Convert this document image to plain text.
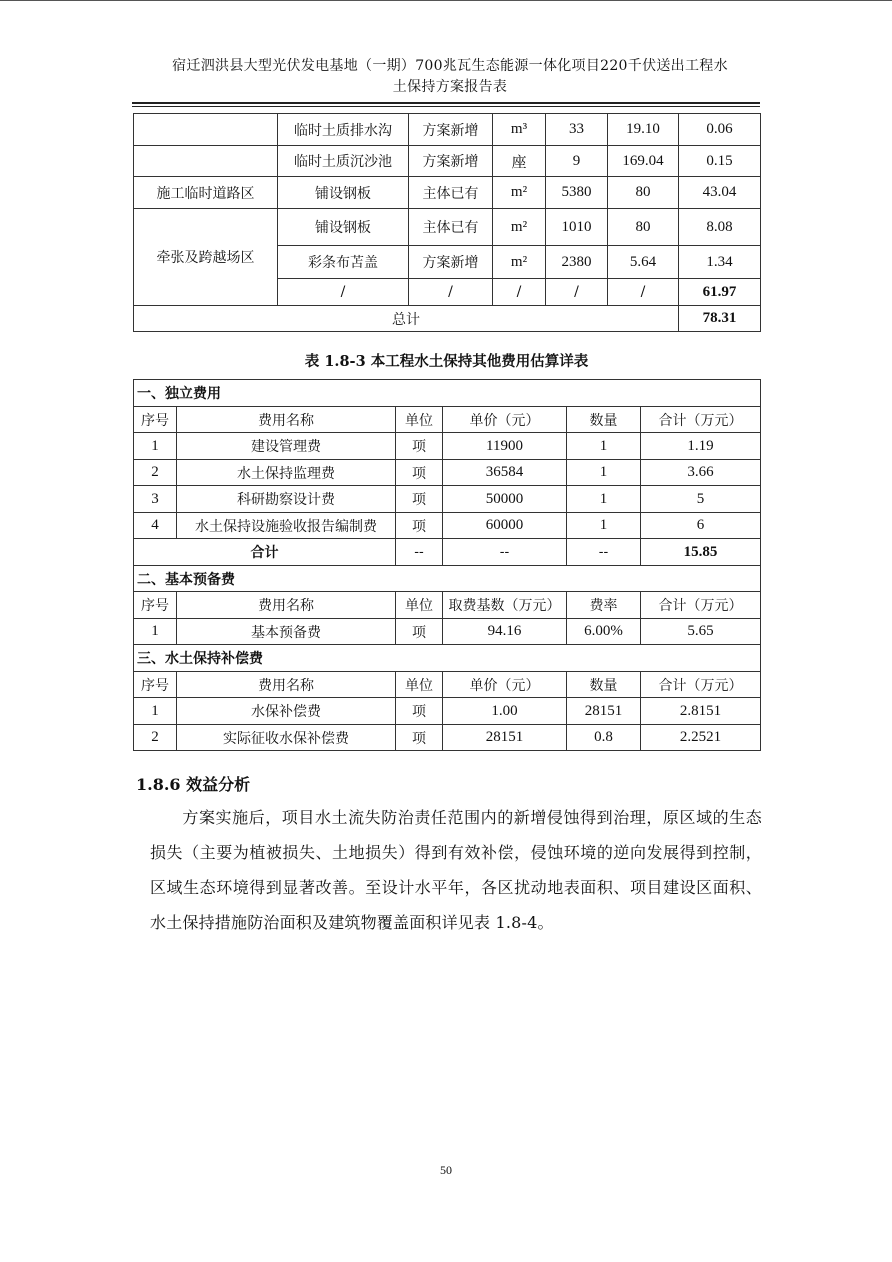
宿迁泗洪县大型光伏发电基地（一期）700兆瓦生态能源一体化项目220千伏送出工程水
土保持方案报告表
	临时土质排水沟	方案新增	m³	33	19.10	0.06
	临时土质沉沙池	方案新增	座	9	169.04	0.15
施工临时道路区	铺设钢板	主体已有	m²	5380	80	43.04
牵张及跨越场区	铺设钢板	主体已有	m²	1010	80	8.08
	彩条布苫盖	方案新增	m²	2380	5.64	1.34
	/	/	/	/	/	61.97
总计						78.31
表 1.8-3 本工程水土保持其他费用估算详表
一、独立费用					
序号	费用名称	单位	单价（元）	数量	合计（万元）
1	建设管理费	项	11900	1	1.19
2	水土保持监理费	项	36584	1	3.66
3	科研勘察设计费	项	50000	1	5
4	水土保持设施验收报告编制费	项	60000	1	6
合计		--	--	--	15.85
二、基本预备费					
序号	费用名称	单位	取费基数（万元）	费率	合计（万元）
1	基本预备费	项	94.16	6.00%	5.65
三、水土保持补偿费					
序号	费用名称	单位	单价（元）	数量	合计（万元）
1	水保补偿费	项	1.00	28151	2.8151
2	实际征收水保补偿费	项	28151	0.8	2.2521
1.8.6 效益分析
方案实施后，项目水土流失防治责任范围内的新增侵蚀得到治理，原区域的生态损失（主要为植被损失、土地损失）得到有效补偿，侵蚀环境的逆向发展得到控制，区域生态环境得到显著改善。至设计水平年，各区扰动地表面积、项目建设区面积、水土保持措施防治面积及建筑物覆盖面积详见表 1.8-4。
50
